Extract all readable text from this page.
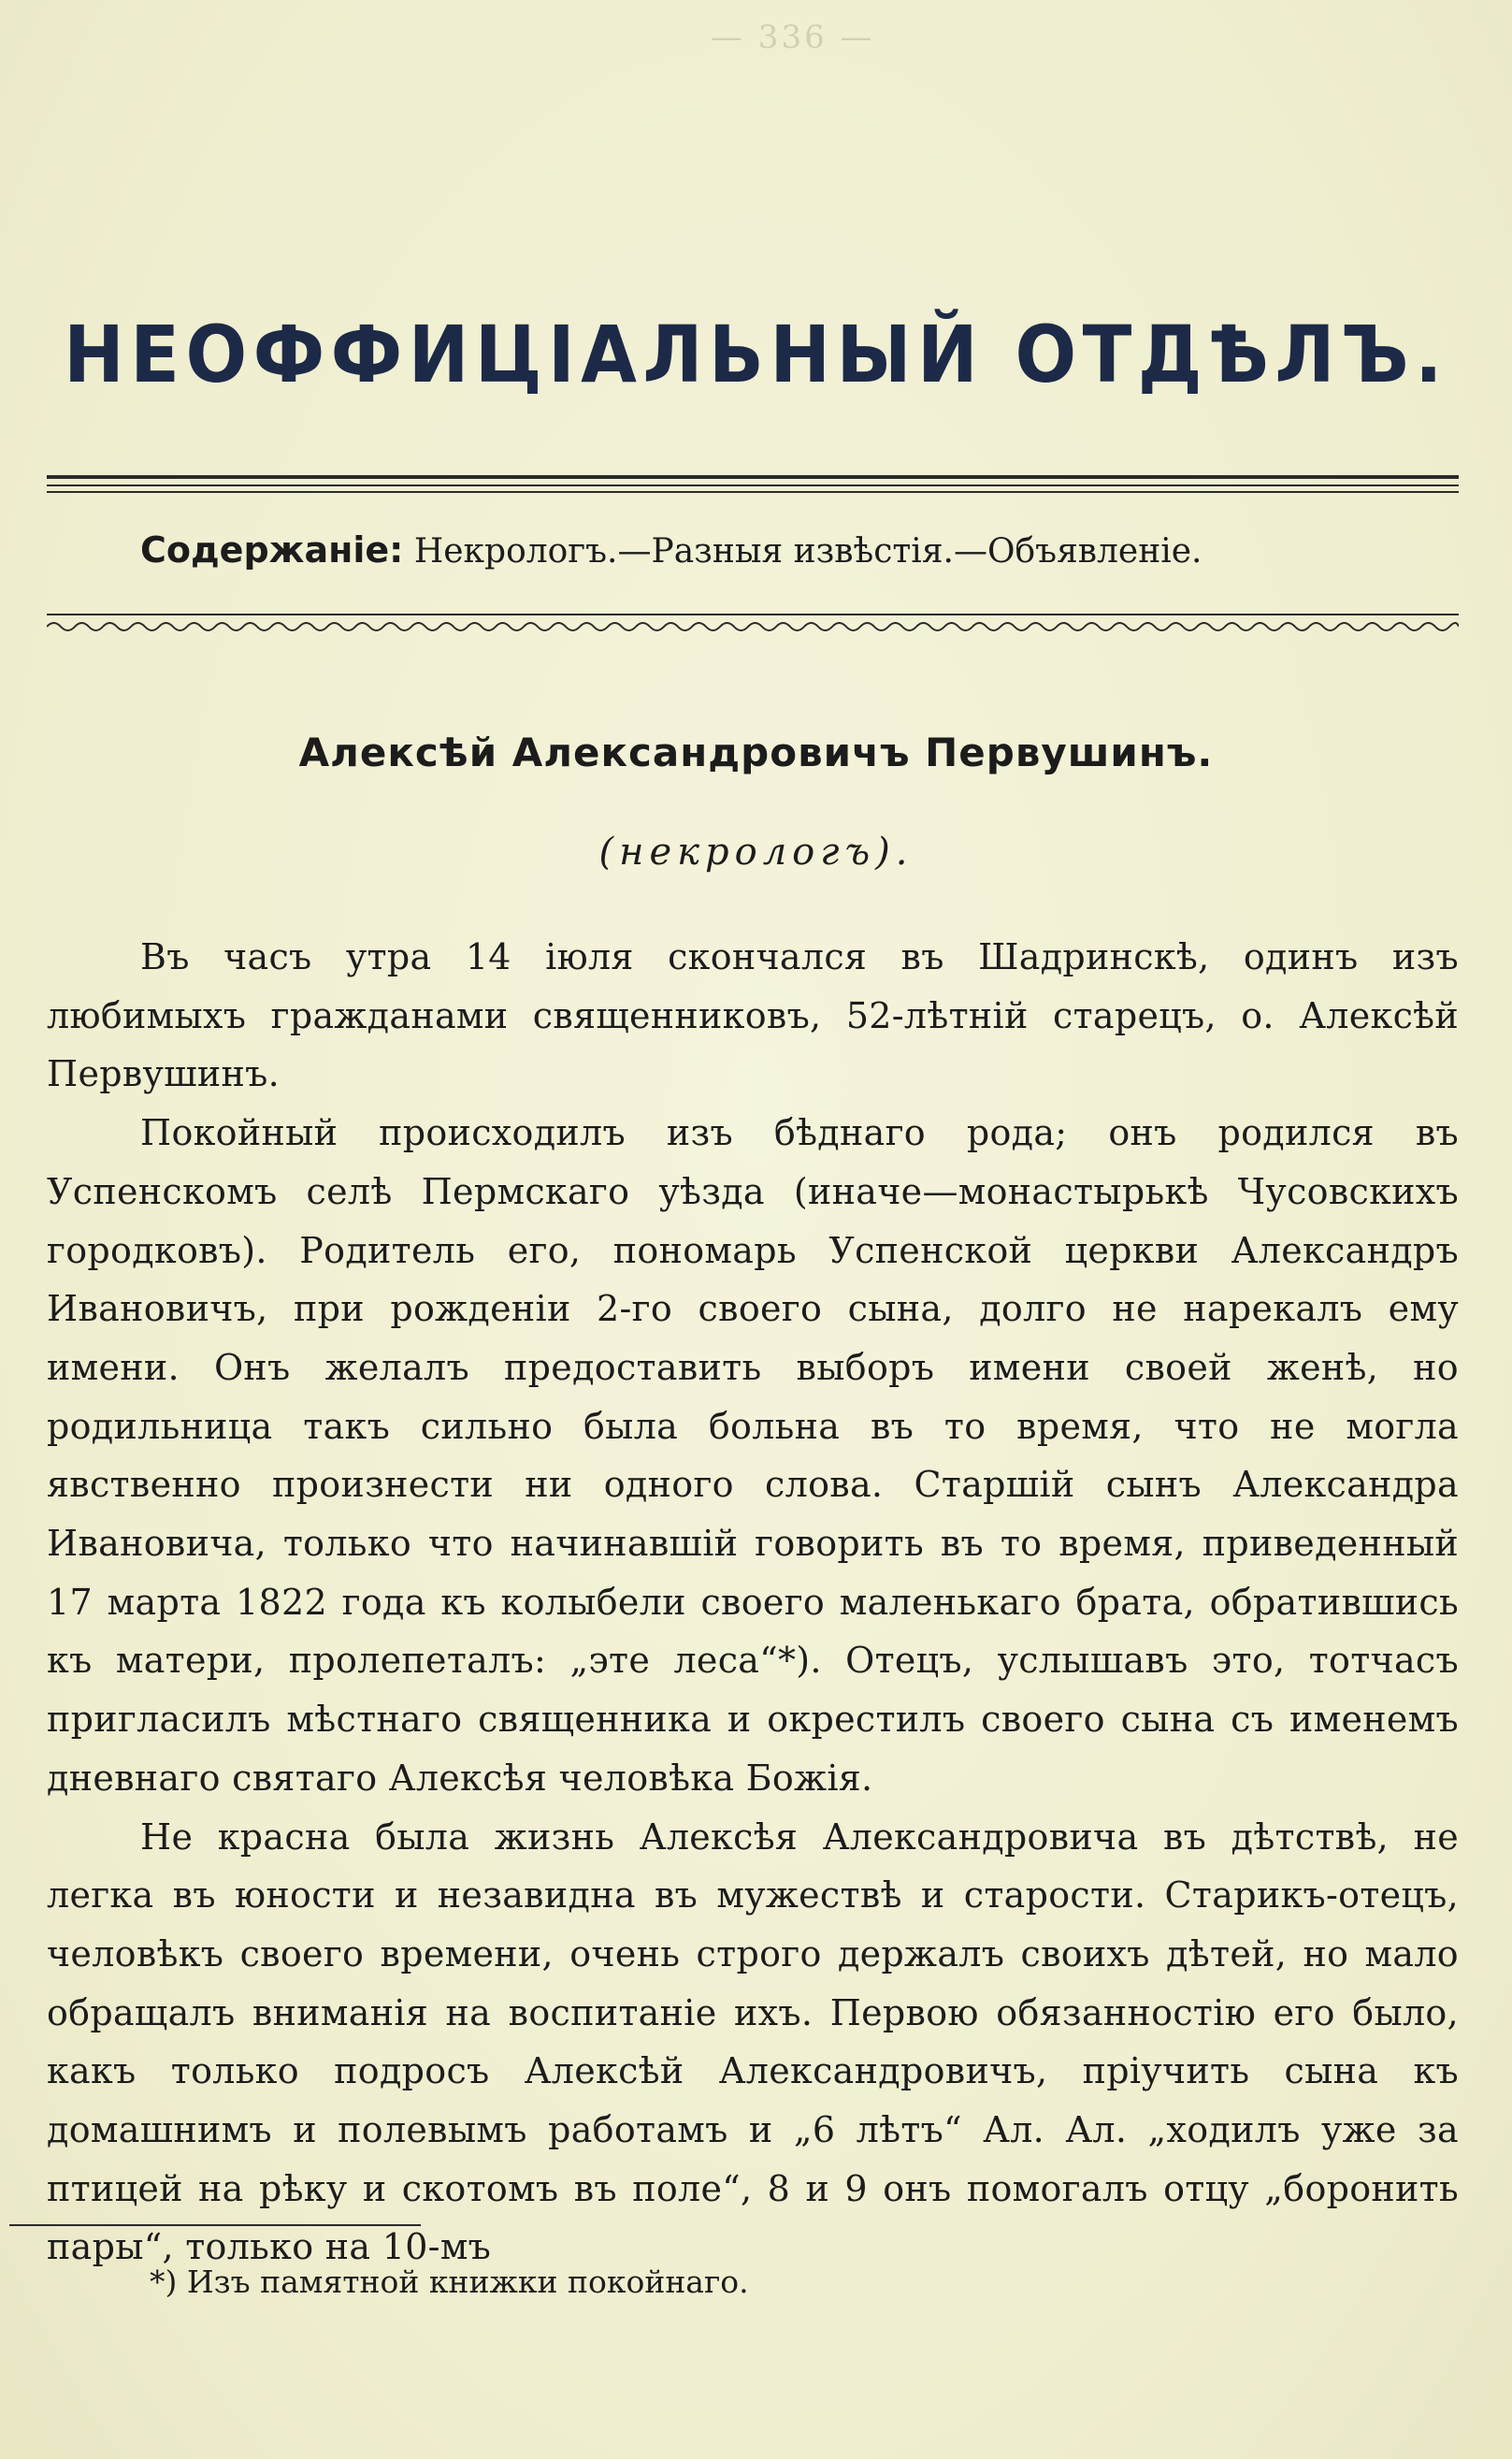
— 336 —
НЕОФФИЦІАЛЬНЫЙ ОТДѢЛЪ.
Содержаніе: Некрологъ.—Разныя извѣстія.—Объявленіе.
Алексѣй Александровичъ Первушинъ.
(некрологъ).

Въ часъ утра 14 іюля скончался въ Шадринскѣ, одинъ изъ любимыхъ гражданами священниковъ, 52-лѣтній старецъ, о. Алексѣй Первушинъ.

Покойный происходилъ изъ бѣднаго рода; онъ родился въ Успенскомъ селѣ Пермскаго уѣзда (иначе—монастырькѣ Чусовскихъ городковъ). Родитель его, пономарь Успенской церкви Александръ Ивановичъ, при рожденіи 2-го своего сына, долго не нарекалъ ему имени. Онъ желалъ предоставить выборъ имени своей женѣ, но родильница такъ сильно была больна въ то время, что не могла явственно произнести ни одного слова. Старшій сынъ Александра Ивановича, только что начинавшій говорить въ то время, приведенный 17 марта 1822 года къ колыбели своего маленькаго брата, обратившись къ матери, пролепеталъ: „эте леса“*). Отецъ, услышавъ это, тотчасъ пригласилъ мѣстнаго священника и окрестилъ своего сына съ именемъ дневнаго святаго Алексѣя человѣка Божія.

Не красна была жизнь Алексѣя Александровича въ дѣтствѣ, не легка въ юности и незавидна въ мужествѣ и старости. Старикъ-отецъ, человѣкъ своего времени, очень строго держалъ своихъ дѣтей, но мало обращалъ вниманія на воспитаніе ихъ. Первою обязанностію его было, какъ только подросъ Алексѣй Александровичъ, пріучить сына къ домашнимъ и полевымъ работамъ и „6 лѣтъ“ Ал. Ал. „ходилъ уже за птицей на рѣку и скотомъ въ поле“, 8 и 9 онъ помогалъ отцу „боронить пары“, только на 10-мъ

*) Изъ памятной книжки покойнаго.
